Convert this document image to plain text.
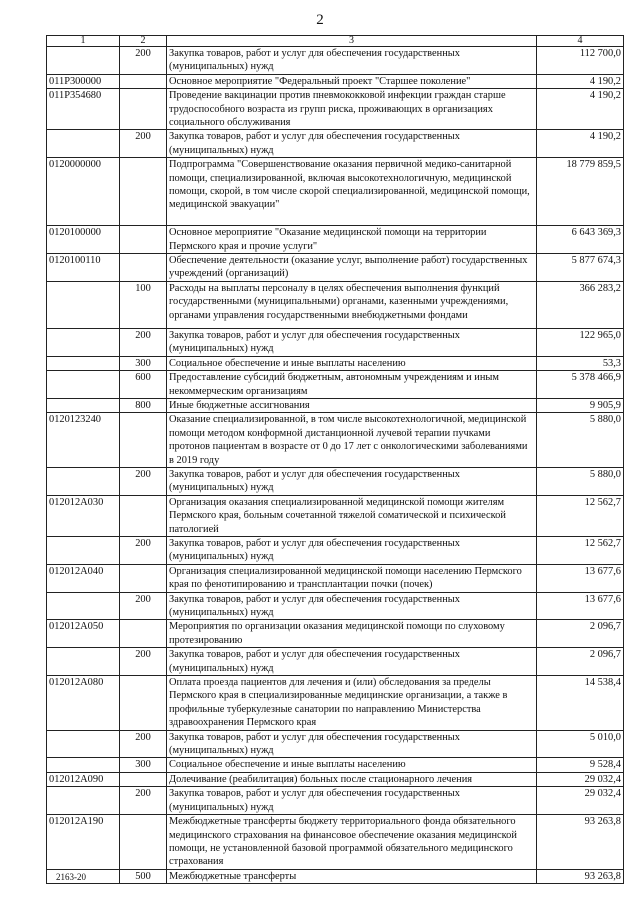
2
1	2	3	4
	200	Закупка товаров, работ и услуг для обеспечения государственных (муниципальных) нужд	112 700,0
011P300000		Основное мероприятие "Федеральный проект "Старшее поколение"	4 190,2
011P354680		Проведение вакцинации против пневмококковой инфекции граждан старше трудоспособного возраста из групп риска, проживающих в организациях социального обслуживания	4 190,2
	200	Закупка товаров, работ и услуг для обеспечения государственных (муниципальных) нужд	4 190,2
0120000000		Подпрограмма "Совершенствование оказания первичной медико-санитарной помощи, специализированной, включая высокотехнологичную, медицинской помощи, скорой, в том числе скорой специализированной, медицинской помощи, медицинской эвакуации"	18 779 859,5
0120100000		Основное мероприятие "Оказание медицинской помощи на территории Пермского края и прочие услуги"	6 643 369,3
0120100110		Обеспечение деятельности (оказание услуг, выполнение работ) государственных учреждений (организаций)	5 877 674,3
	100	Расходы на выплаты персоналу в целях обеспечения выполнения функций государственными (муниципальными) органами, казенными учреждениями, органами управления государственными внебюджетными фондами	366 283,2
	200	Закупка товаров, работ и услуг для обеспечения государственных (муниципальных) нужд	122 965,0
	300	Социальное обеспечение и иные выплаты населению	53,3
	600	Предоставление субсидий бюджетным, автономным учреждениям и иным некоммерческим организациям	5 378 466,9
	800	Иные бюджетные ассигнования	9 905,9
0120123240		Оказание специализированной, в том числе высокотехнологичной, медицинской помощи методом конформной дистанционной лучевой терапии пучками протонов пациентам в возрасте от 0 до 17 лет с онкологическими заболеваниями в 2019 году	5 880,0
	200	Закупка товаров, работ и услуг для обеспечения государственных (муниципальных) нужд	5 880,0
012012А030		Организация оказания специализированной медицинской помощи жителям Пермского края, больным сочетанной тяжелой соматической и психической патологией	12 562,7
	200	Закупка товаров, работ и услуг для обеспечения государственных (муниципальных) нужд	12 562,7
012012А040		Организация специализированной медицинской помощи населению Пермского края по фенотипированию и трансплантации почки (почек)	13 677,6
	200	Закупка товаров, работ и услуг для обеспечения государственных (муниципальных) нужд	13 677,6
012012А050		Мероприятия по организации оказания медицинской помощи по слуховому протезированию	2 096,7
	200	Закупка товаров, работ и услуг для обеспечения государственных (муниципальных) нужд	2 096,7
012012А080		Оплата проезда пациентов для лечения и (или) обследования за пределы Пермского края в специализированные медицинские организации, а также в профильные туберкулезные санатории по направлению Министерства здравоохранения Пермского края	14 538,4
	200	Закупка товаров, работ и услуг для обеспечения государственных (муниципальных) нужд	5 010,0
	300	Социальное обеспечение и иные выплаты населению	9 528,4
012012А090		Долечивание (реабилитация) больных после стационарного лечения	29 032,4
	200	Закупка товаров, работ и услуг для обеспечения государственных (муниципальных) нужд	29 032,4
012012А190		Межбюджетные трансферты бюджету территориального фонда обязательного медицинского страхования на финансовое обеспечение оказания медицинской помощи, не установленной базовой программой обязательного медицинского страхования	93 263,8
	500	Межбюджетные трансферты	93 263,8
2163-20
